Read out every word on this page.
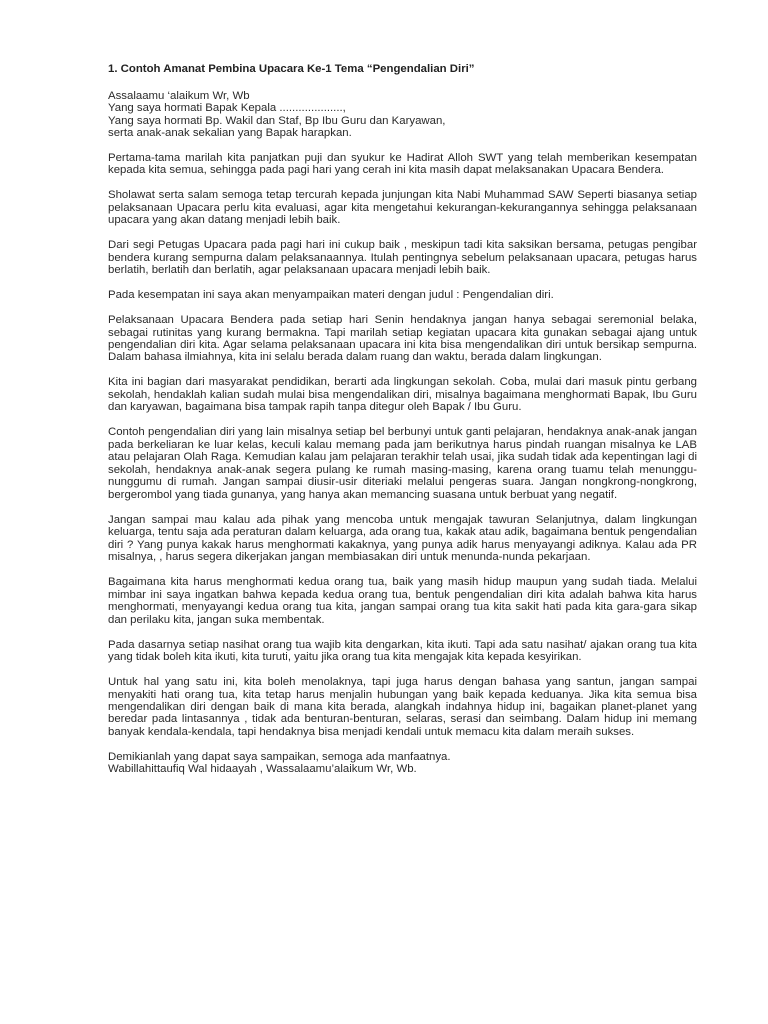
1. Contoh Amanat Pembina Upacara Ke-1 Tema “Pengendalian Diri”

Assalaamu ‘alaikum Wr, Wb

Yang saya hormati Bapak Kepala ....................,

Yang saya hormati Bp. Wakil dan Staf, Bp Ibu Guru dan Karyawan,

serta anak-anak sekalian yang Bapak harapkan.

Pertama-tama marilah kita panjatkan puji dan syukur ke Hadirat Alloh SWT yang telah memberikan kesempatan kepada kita semua, sehingga pada pagi hari yang cerah ini kita masih dapat melaksanakan Upacara Bendera.

Sholawat serta salam semoga tetap tercurah kepada junjungan kita Nabi Muhammad SAW Seperti biasanya setiap pelaksanaan Upacara perlu kita evaluasi, agar kita mengetahui kekurangan-kekurangannya sehingga pelaksanaan upacara yang akan datang menjadi lebih baik.

Dari segi Petugas Upacara pada pagi hari ini cukup baik , meskipun tadi kita saksikan bersama, petugas pengibar bendera kurang sempurna dalam pelaksanaannya. Itulah pentingnya sebelum pelaksanaan upacara, petugas harus berlatih, berlatih dan berlatih, agar pelaksanaan upacara menjadi lebih baik.

Pada kesempatan ini saya akan menyampaikan materi dengan judul : Pengendalian diri.

Pelaksanaan Upacara Bendera pada setiap hari Senin hendaknya jangan hanya sebagai seremonial belaka, sebagai rutinitas yang kurang bermakna. Tapi marilah setiap kegiatan upacara kita gunakan sebagai ajang untuk pengendalian diri kita. Agar selama pelaksanaan upacara ini kita bisa mengendalikan diri untuk bersikap sempurna. Dalam bahasa ilmiahnya, kita ini selalu berada dalam ruang dan waktu, berada dalam lingkungan.

Kita ini bagian dari masyarakat pendidikan, berarti ada lingkungan sekolah. Coba, mulai dari masuk pintu gerbang sekolah, hendaklah kalian sudah mulai bisa mengendalikan diri, misalnya bagaimana menghormati Bapak, Ibu Guru dan karyawan, bagaimana bisa tampak rapih tanpa ditegur oleh Bapak / Ibu Guru.

Contoh pengendalian diri yang lain misalnya setiap bel berbunyi untuk ganti pelajaran, hendaknya anak-anak jangan pada berkeliaran ke luar kelas, keculi kalau memang pada jam berikutnya harus pindah ruangan misalnya ke LAB atau pelajaran Olah Raga. Kemudian kalau jam pelajaran terakhir telah usai, jika sudah tidak ada kepentingan lagi di sekolah, hendaknya anak-anak segera pulang ke rumah masing-masing, karena orang tuamu telah menunggu-nunggumu di rumah. Jangan sampai diusir-usir diteriaki melalui pengeras suara. Jangan nongkrong-nongkrong, bergerombol yang tiada gunanya, yang hanya akan memancing suasana untuk berbuat yang negatif.

Jangan sampai mau kalau ada pihak yang mencoba untuk mengajak tawuran Selanjutnya, dalam lingkungan keluarga, tentu saja ada peraturan dalam keluarga, ada orang tua, kakak atau adik, bagaimana bentuk pengendalian diri ? Yang punya kakak harus menghormati kakaknya, yang punya adik harus menyayangi adiknya. Kalau ada PR misalnya, , harus segera dikerjakan jangan membiasakan diri untuk menunda-nunda pekarjaan.

Bagaimana kita harus menghormati kedua orang tua, baik yang masih hidup maupun yang sudah tiada. Melalui mimbar ini saya ingatkan bahwa kepada kedua orang tua, bentuk pengendalian diri kita adalah bahwa kita harus menghormati, menyayangi kedua orang tua kita, jangan sampai orang tua kita sakit hati pada kita gara-gara sikap dan perilaku kita, jangan suka membentak.

Pada dasarnya setiap nasihat orang tua wajib kita dengarkan, kita ikuti. Tapi ada satu nasihat/ ajakan orang tua kita yang tidak boleh kita ikuti, kita turuti, yaitu jika orang tua kita mengajak kita kepada kesyirikan.

Untuk hal yang satu ini, kita boleh menolaknya, tapi juga harus dengan bahasa yang santun, jangan sampai menyakiti hati orang tua, kita tetap harus menjalin hubungan yang baik kepada keduanya. Jika kita semua bisa mengendalikan diri dengan baik di mana kita berada, alangkah indahnya hidup ini, bagaikan planet-planet yang beredar pada lintasannya , tidak ada benturan-benturan, selaras, serasi dan seimbang. Dalam hidup ini memang banyak kendala-kendala, tapi hendaknya bisa menjadi kendali untuk memacu kita dalam meraih sukses.

Demikianlah yang dapat saya sampaikan, semoga ada manfaatnya.

Wabillahittaufiq Wal hidaayah , Wassalaamu’alaikum Wr, Wb.
